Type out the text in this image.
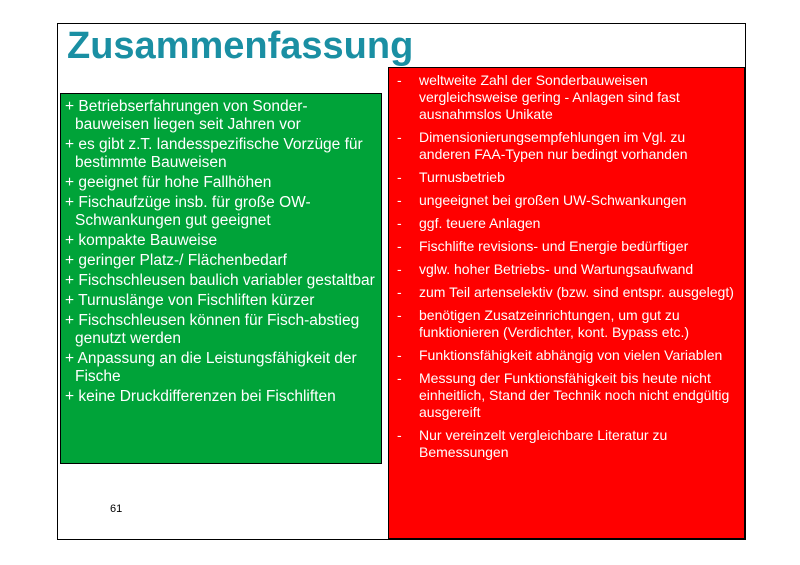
Zusammenfassung
+ Betriebserfahrungen von Sonder-bauweisen liegen seit Jahren vor
+ es gibt z.T. landesspezifische Vorzüge für bestimmte Bauweisen
+ geeignet für hohe Fallhöhen
+ Fischaufzüge insb. für große OW-Schwankungen gut geeignet
+ kompakte Bauweise
+ geringer Platz-/ Flächenbedarf
+ Fischschleusen baulich variabler gestaltbar
+ Turnuslänge von Fischliften kürzer
+ Fischschleusen können für Fisch-abstieg genutzt werden
+ Anpassung an die Leistungsfähigkeit der Fische
+ keine Druckdifferenzen bei Fischliften
-	weltweite Zahl der Sonderbauweisen vergleichsweise gering - Anlagen sind fast ausnahmslos Unikate
-	Dimensionierungsempfehlungen im Vgl. zu anderen FAA-Typen nur bedingt vorhanden
-	Turnusbetrieb
-	ungeeignet bei großen UW-Schwankungen
-	ggf. teuere Anlagen
-	Fischlifte revisions- und Energie bedürftiger
-	vglw. hoher Betriebs- und Wartungsaufwand
-	zum Teil artenselektiv (bzw. sind entspr. ausgelegt)
-	benötigen Zusatzeinrichtungen, um gut zu funktionieren (Verdichter, kont. Bypass etc.)
-	Funktionsfähigkeit abhängig von vielen Variablen
-	Messung der Funktionsfähigkeit bis heute nicht einheitlich, Stand der Technik noch nicht endgültig ausgereift
-	Nur vereinzelt vergleichbare Literatur zu Bemessungen
61
